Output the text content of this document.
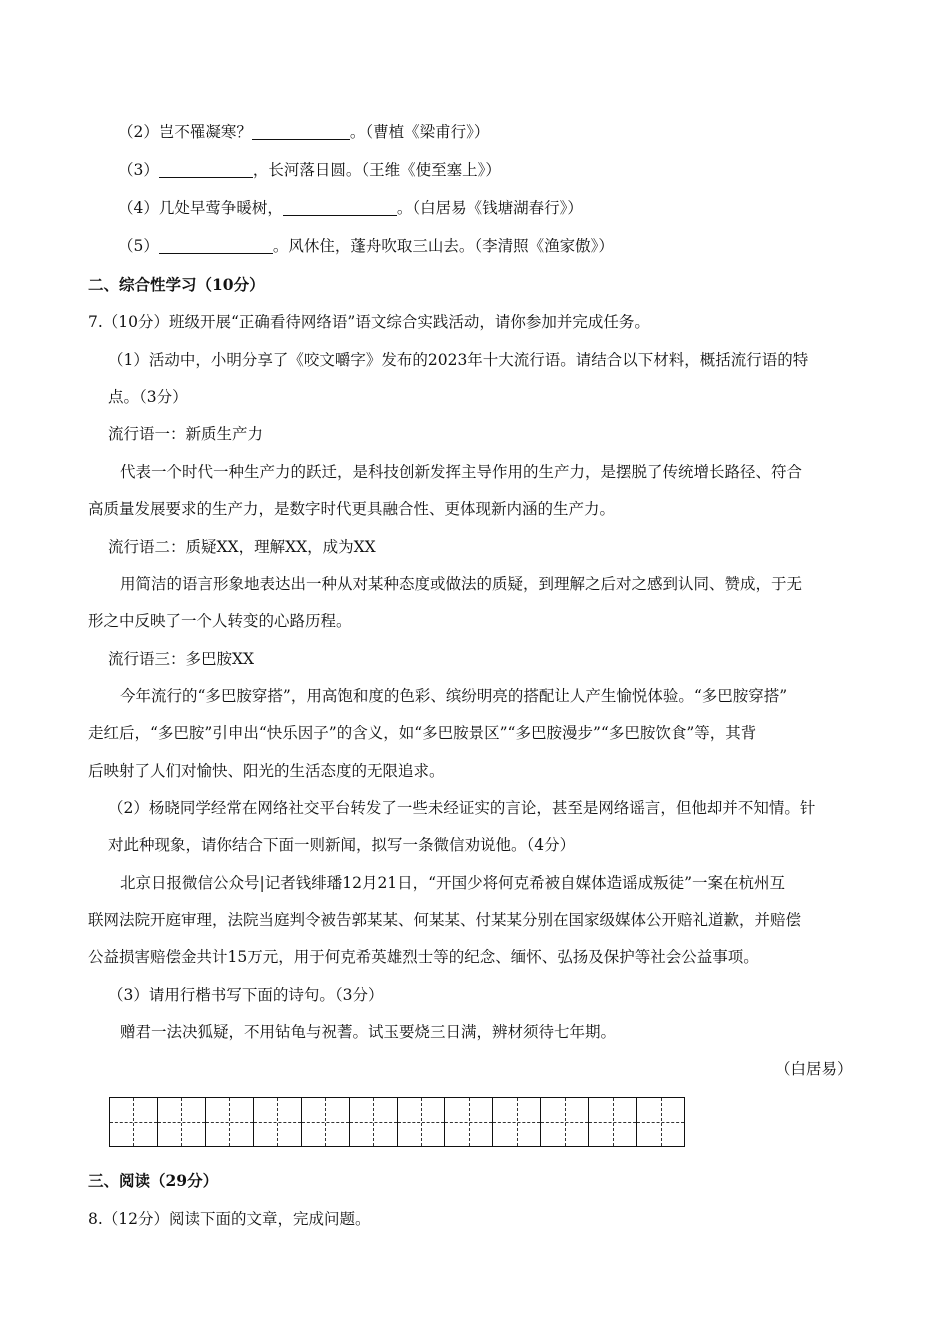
（2）岂不罹凝寒？	。（曹植《梁甫行》）
（3）	，长河落日圆。（王维《使至塞上》）
（4）几处早莺争暖树，	。（白居易《钱塘湖春行》）
（5）	。风休住，蓬舟吹取三山去。（李清照《渔家傲》）
二、综合性学习（10分）
7.（10分）班级开展“正确看待网络语”语文综合实践活动，请你参加并完成任务。
（1）活动中，小明分享了《咬文嚼字》发布的2023年十大流行语。请结合以下材料，概括流行语的特
点。（3分）
流行语一：新质生产力
代表一个时代一种生产力的跃迁，是科技创新发挥主导作用的生产力，是摆脱了传统增长路径、符合
高质量发展要求的生产力，是数字时代更具融合性、更体现新内涵的生产力。
流行语二：质疑XX，理解XX，成为XX
用简洁的语言形象地表达出一种从对某种态度或做法的质疑，到理解之后对之感到认同、赞成，于无
形之中反映了一个人转变的心路历程。
流行语三：多巴胺XX
今年流行的“多巴胺穿搭”，用高饱和度的色彩、缤纷明亮的搭配让人产生愉悦体验。“多巴胺穿搭”
走红后，“多巴胺”引申出“快乐因子”的含义，如“多巴胺景区”“多巴胺漫步”“多巴胺饮食”等，其背
后映射了人们对愉快、阳光的生活态度的无限追求。
（2）杨晓同学经常在网络社交平台转发了一些未经证实的言论，甚至是网络谣言，但他却并不知情。针
对此种现象，请你结合下面一则新闻，拟写一条微信劝说他。（4分）
北京日报微信公众号|记者钱绯璠12月21日，“开国少将何克希被自媒体造谣成叛徒”一案在杭州互
联网法院开庭审理，法院当庭判令被告郭某某、何某某、付某某分别在国家级媒体公开赔礼道歉，并赔偿
公益损害赔偿金共计15万元，用于何克希英雄烈士等的纪念、缅怀、弘扬及保护等社会公益事项。
（3）请用行楷书写下面的诗句。（3分）
赠君一法决狐疑，不用钻龟与祝蓍。试玉要烧三日满，辨材须待七年期。
（白居易）
三、阅读（29分）
8.（12分）阅读下面的文章，完成问题。
